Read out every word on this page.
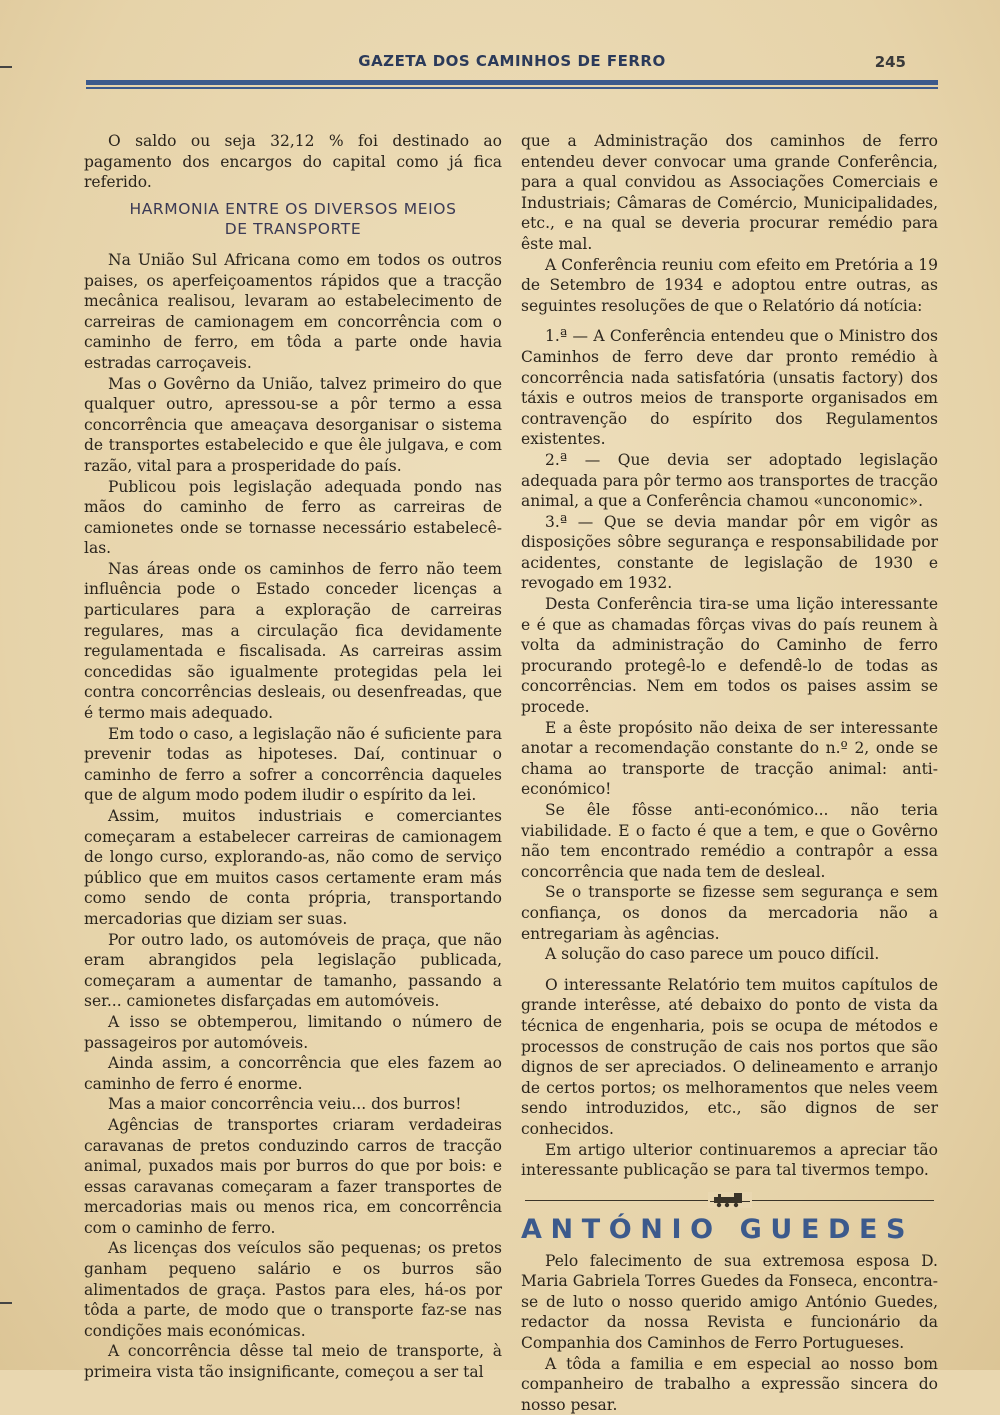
GAZETA DOS CAMINHOS DE FERRO	245

O saldo ou seja 32,12 % foi destinado ao pagamento dos encargos do capital como já fica referido.

HARMONIA ENTRE OS DIVERSOS MEIOS
DE TRANSPORTE

Na União Sul Africana como em todos os outros paises, os aperfeiçoamentos rápidos que a tracção mecânica realisou, levaram ao estabelecimento de carreiras de camionagem em concorrência com o caminho de ferro, em tôda a parte onde havia estradas carroçaveis.

Mas o Govêrno da União, talvez primeiro do que qualquer outro, apressou-se a pôr termo a essa concorrência que ameaçava desorganisar o sistema de transportes estabelecido e que êle julgava, e com razão, vital para a prosperidade do país.

Publicou pois legislação adequada pondo nas mãos do caminho de ferro as carreiras de camionetes onde se tornasse necessário estabelecê-las.

Nas áreas onde os caminhos de ferro não teem influência pode o Estado conceder licenças a particulares para a exploração de carreiras regulares, mas a circulação fica devidamente regulamentada e fiscalisada. As carreiras assim concedidas são igualmente protegidas pela lei contra concorrências desleais, ou desenfreadas, que é termo mais adequado.

Em todo o caso, a legislação não é suficiente para prevenir todas as hipoteses. Daí, continuar o caminho de ferro a sofrer a concorrência daqueles que de algum modo podem iludir o espírito da lei.

Assim, muitos industriais e comerciantes começaram a estabelecer carreiras de camionagem de longo curso, explorando-as, não como de serviço público que em muitos casos certamente eram más como sendo de conta própria, transportando mercadorias que diziam ser suas.

Por outro lado, os automóveis de praça, que não eram abrangidos pela legislação publicada, começaram a aumentar de tamanho, passando a ser... camionetes disfarçadas em automóveis.

A isso se obtemperou, limitando o número de passageiros por automóveis.

Ainda assim, a concorrência que eles fazem ao caminho de ferro é enorme.

Mas a maior concorrência veiu... dos burros!

Agências de transportes criaram verdadeiras caravanas de pretos conduzindo carros de tracção animal, puxados mais por burros do que por bois: e essas caravanas começaram a fazer transportes de mercadorias mais ou menos rica, em concorrência com o caminho de ferro.

As licenças dos veículos são pequenas; os pretos ganham pequeno salário e os burros são alimentados de graça. Pastos para eles, há-os por tôda a parte, de modo que o transporte faz-se nas condições mais económicas.

A concorrência dêsse tal meio de transporte, à primeira vista tão insignificante, começou a ser tal

que a Administração dos caminhos de ferro entendeu dever convocar uma grande Conferência, para a qual convidou as Associações Comerciais e Industriais; Câmaras de Comércio, Municipalidades, etc., e na qual se deveria procurar remédio para êste mal.

A Conferência reuniu com efeito em Pretória a 19 de Setembro de 1934 e adoptou entre outras, as seguintes resoluções de que o Relatório dá notícia:

1.ª — A Conferência entendeu que o Ministro dos Caminhos de ferro deve dar pronto remédio à concorrência nada satisfatória (unsatis factory) dos táxis e outros meios de transporte organisados em contravenção do espírito dos Regulamentos existentes.

2.ª — Que devia ser adoptado legislação adequada para pôr termo aos transportes de tracção animal, a que a Conferência chamou «unconomic».

3.ª — Que se devia mandar pôr em vigôr as disposições sôbre segurança e responsabilidade por acidentes, constante de legislação de 1930 e revogado em 1932.

Desta Conferência tira-se uma lição interessante e é que as chamadas fôrças vivas do país reunem à volta da administração do Caminho de ferro procurando protegê-lo e defendê-lo de todas as concorrências. Nem em todos os paises assim se procede.

E a êste propósito não deixa de ser interessante anotar a recomendação constante do n.º 2, onde se chama ao transporte de tracção animal: anti-económico!

Se êle fôsse anti-económico... não teria viabilidade. E o facto é que a tem, e que o Govêrno não tem encontrado remédio a contrapôr a essa concorrência que nada tem de desleal.

Se o transporte se fizesse sem segurança e sem confiança, os donos da mercadoria não a entregariam às agências.

A solução do caso parece um pouco difícil.

O interessante Relatório tem muitos capítulos de grande interêsse, até debaixo do ponto de vista da técnica de engenharia, pois se ocupa de métodos e processos de construção de cais nos portos que são dignos de ser apreciados. O delineamento e arranjo de certos portos; os melhoramentos que neles veem sendo introduzidos, etc., são dignos de ser conhecidos.

Em artigo ulterior continuaremos a apreciar tão interessante publicação se para tal tivermos tempo.

ANTÓNIO GUEDES

Pelo falecimento de sua extremosa esposa D. Maria Gabriela Torres Guedes da Fonseca, encontra-se de luto o nosso querido amigo António Guedes, redactor da nossa Revista e funcionário da Companhia dos Caminhos de Ferro Portugueses.

A tôda a familia e em especial ao nosso bom companheiro de trabalho a expressão sincera do nosso pesar.
